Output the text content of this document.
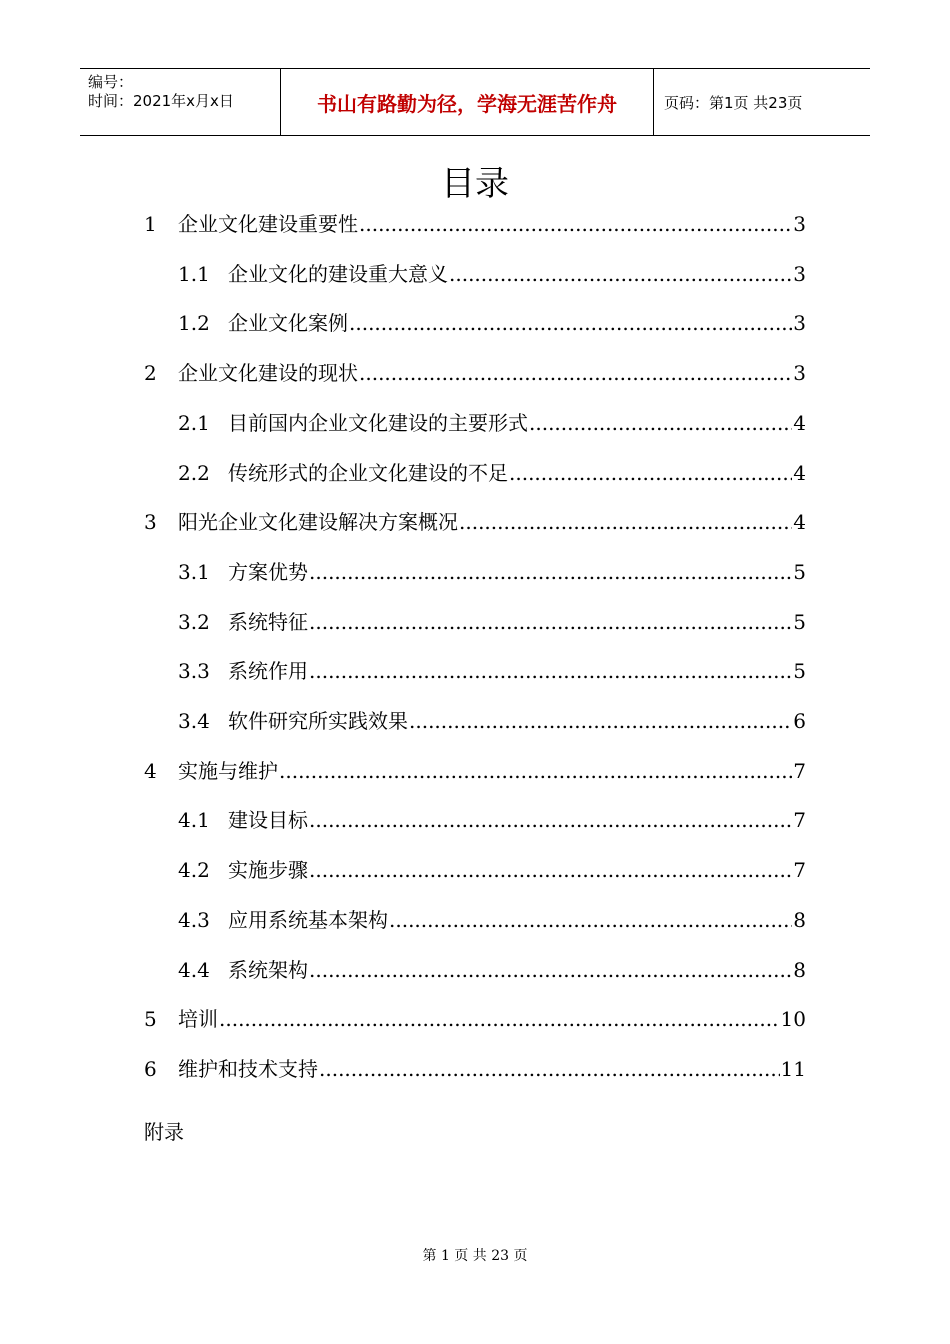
编号：
时间：2021年x月x日	书山有路勤为径，学海无涯苦作舟	页码：第1页 共23页
目录
1	企业文化建设重要性 .....	3
1.1 企业文化的建设重大意义 .....	3
1.2 企业文化案例 .....	3
2	企业文化建设的现状 .....	3
2.1 目前国内企业文化建设的主要形式 .....	4
2.2 传统形式的企业文化建设的不足 .....	4
3	阳光企业文化建设解决方案概况 .....	4
3.1 方案优势 .....	5
3.2 系统特征 .....	5
3.3 系统作用 .....	5
3.4 软件研究所实践效果 .....	6
4	实施与维护 .....	7
4.1 建设目标 .....	7
4.2 实施步骤 .....	7
4.3 应用系统基本架构 .....	8
4.4 系统架构 .....	8
5	培训 .....	10
6	维护和技术支持 .....	11
附录
第 1 页 共 23 页
